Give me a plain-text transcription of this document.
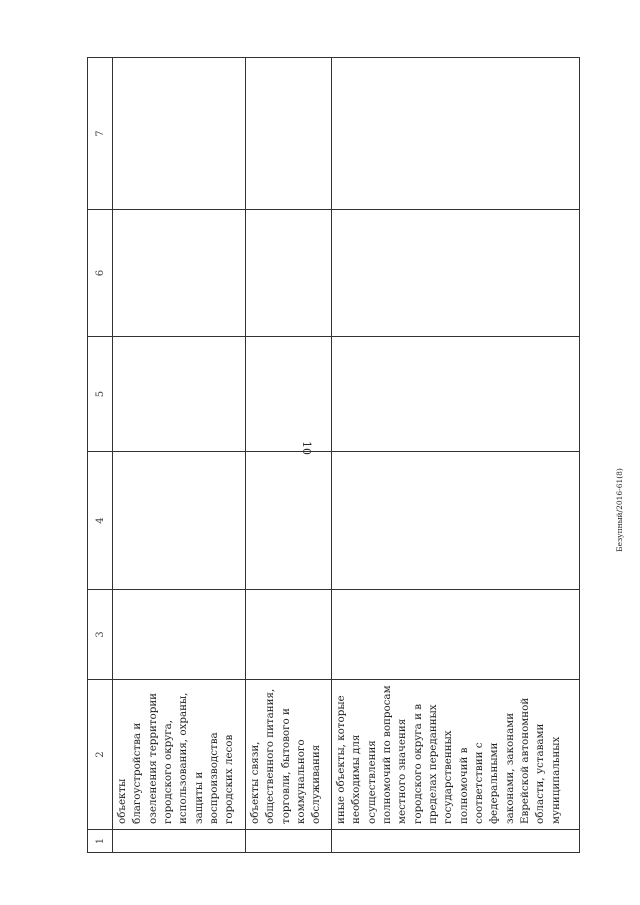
10
Безупный/2016-61(8)
1	2	3	4	5	6	7
	объекты благоустройства и озеленения территории городского округа, использования, охраны, защиты и воспроизводства городских лесов					
	объекты связи, общественного питания, торговли, бытового и коммунального обслуживания					
	иные объекты, которые необходимы для осуществления полномочий по вопросам местного значения городского округа и в пределах переданных государственных полномочий в соответствии с федеральными законами, законами Еврейской автономной области, уставами муниципальных					
